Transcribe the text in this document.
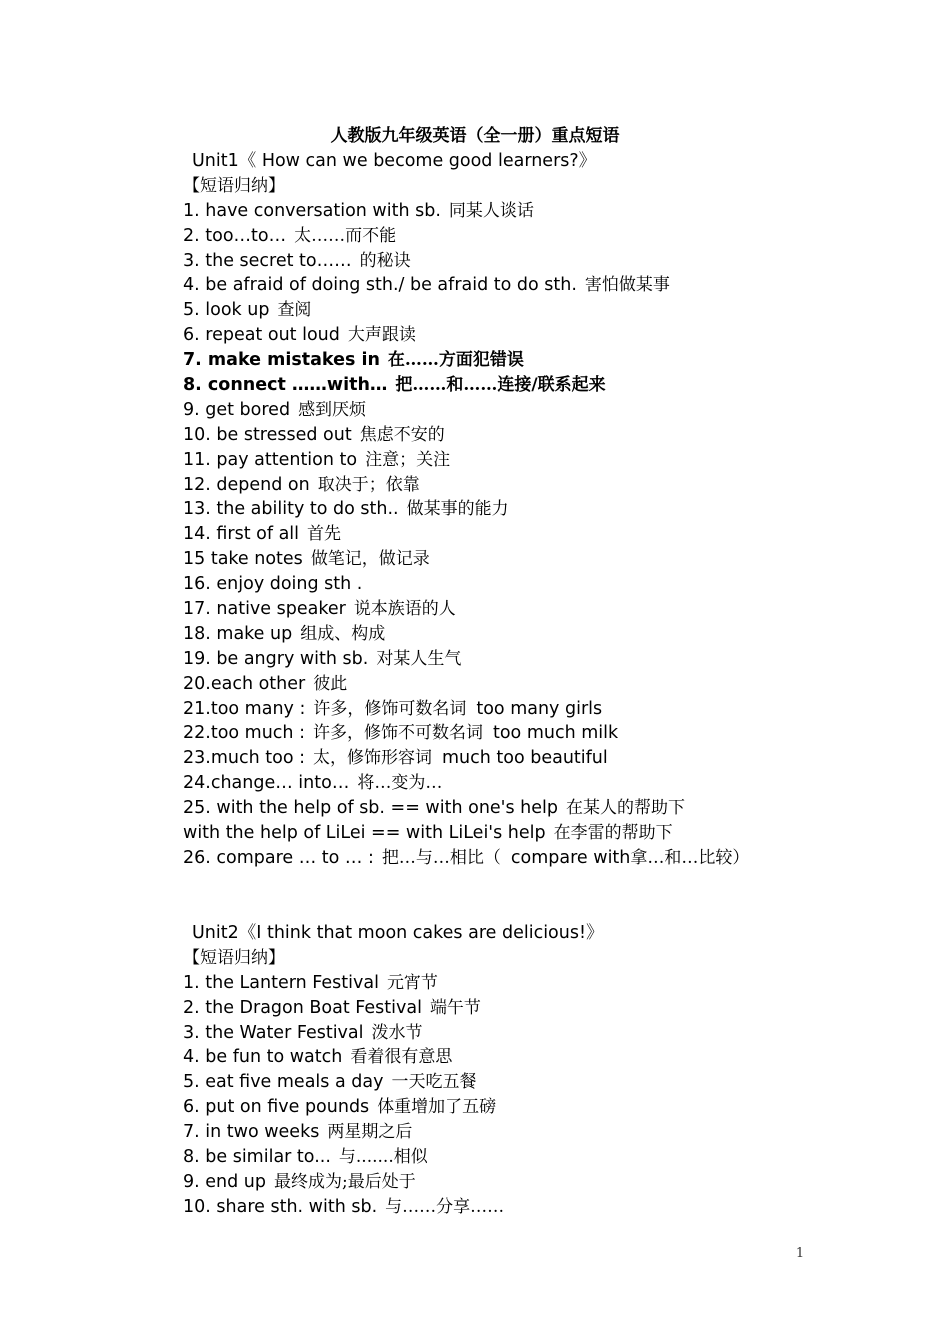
人教版九年级英语（全一册）重点短语
Unit1《 How can we become good learners?》
【短语归纳】
1. have conversation with sb. 同某人谈话
2. too…to… 太……而不能
3. the secret to…… 的秘诀
4. be afraid of doing sth./ be afraid to do sth. 害怕做某事
5. look up 查阅
6. repeat out loud 大声跟读
7. make mistakes in 在……方面犯错误
8. connect ……with… 把……和……连接/联系起来
9. get bored 感到厌烦
10. be stressed out 焦虑不安的
11. pay attention to 注意；关注
12. depend on 取决于；依靠
13. the ability to do sth.. 做某事的能力
14. first of all 首先
15 take notes 做笔记，做记录
16. enjoy doing sth .
17. native speaker 说本族语的人
18. make up 组成、构成
19. be angry with sb. 对某人生气
20.each other 彼此
21.too many : 许多，修饰可数名词 too many girls
22.too much : 许多，修饰不可数名词 too much milk
23.much too : 太，修饰形容词 much too beautiful
24.change… into… 将…变为…
25. with the help of sb. == with one's help 在某人的帮助下
with the help of LiLei == with LiLei's help 在李雷的帮助下
26. compare … to … : 把…与…相比（ compare with拿…和…比较）
Unit2《I think that moon cakes are delicious!》
【短语归纳】
1. the Lantern Festival 元宵节
2. the Dragon Boat Festival 端午节
3. the Water Festival 泼水节
4. be fun to watch 看着很有意思
5. eat five meals a day 一天吃五餐
6. put on five pounds 体重增加了五磅
7. in two weeks 两星期之后
8. be similar to... 与.......相似
9. end up 最终成为;最后处于
10. share sth. with sb. 与……分享……
1
